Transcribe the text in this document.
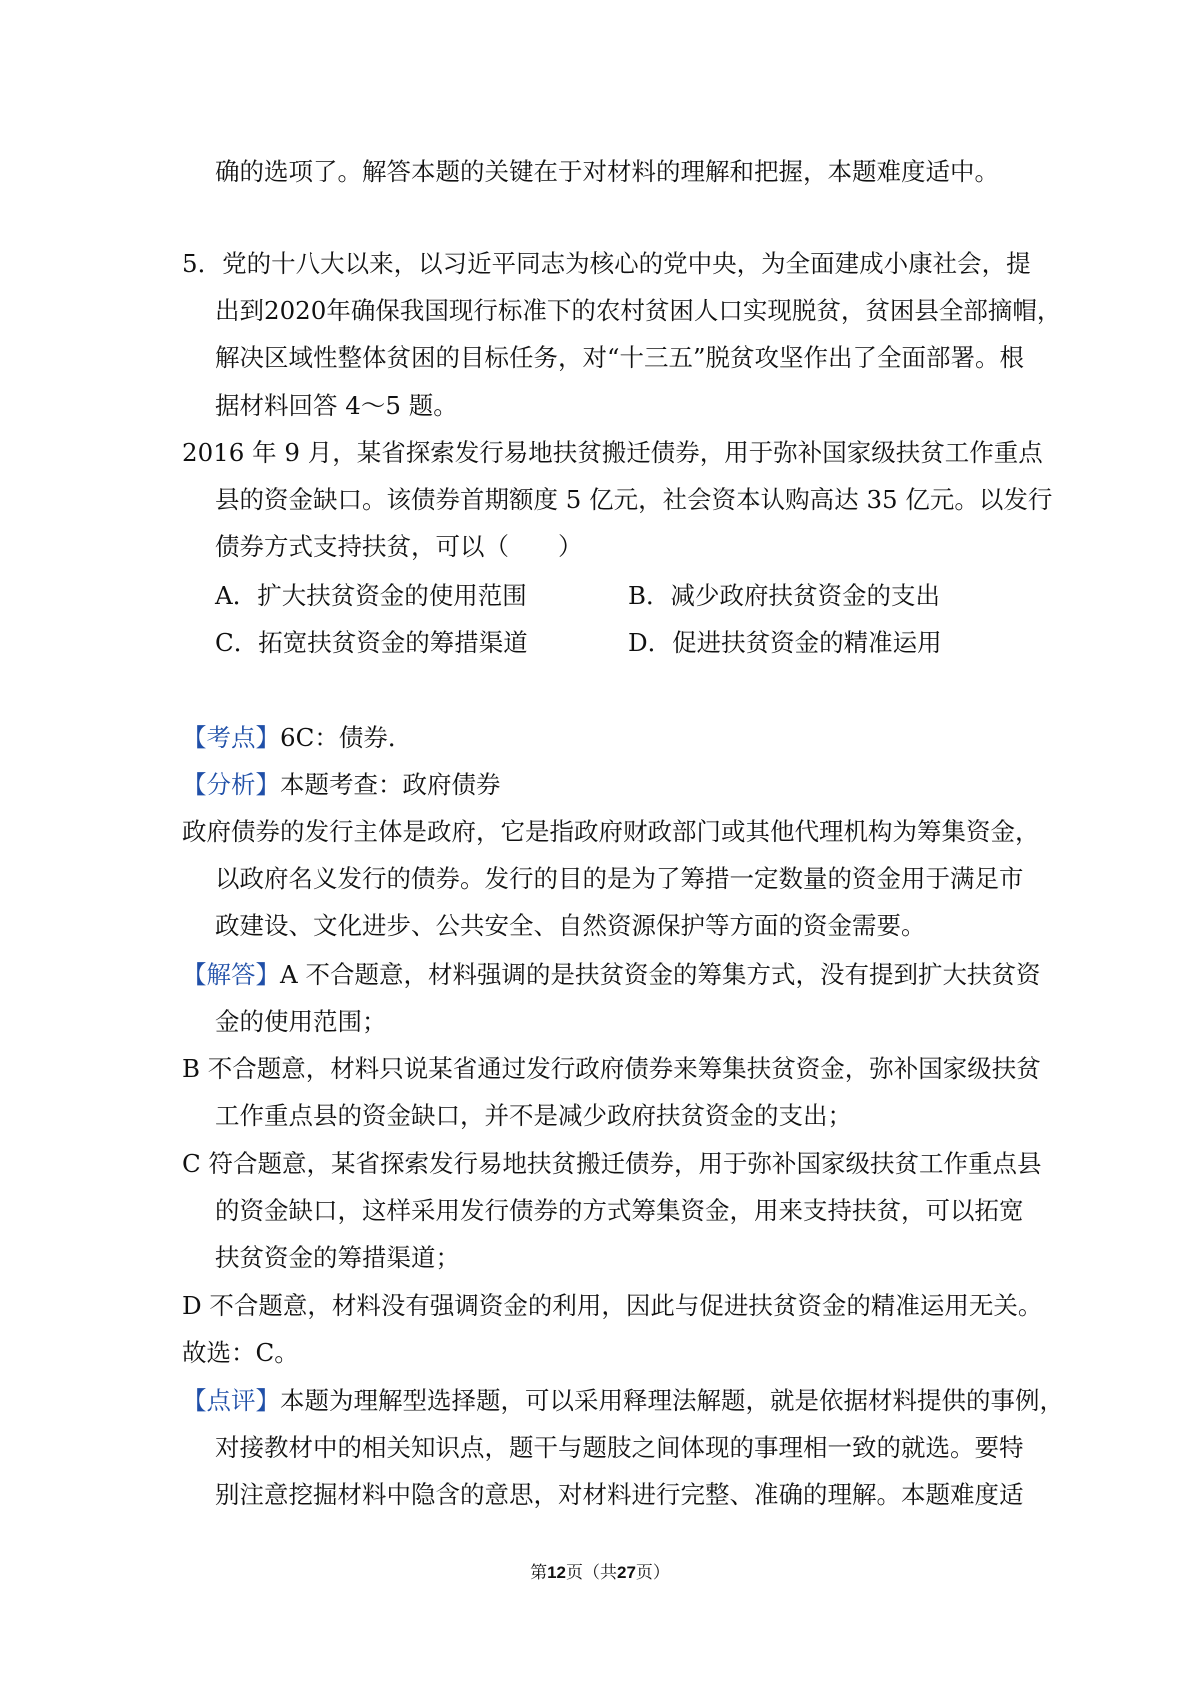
确的选项了。解答本题的关键在于对材料的理解和把握，本题难度适中。
5．党的十八大以来，以习近平同志为核心的党中央，为全面建成小康社会，提
出到2020年确保我国现行标准下的农村贫困人口实现脱贫，贫困县全部摘帽，
解决区域性整体贫困的目标任务，对“十三五”脱贫攻坚作出了全面部署。根
据材料回答 4～5 题。
2016 年 9 月，某省探索发行易地扶贫搬迁债券，用于弥补国家级扶贫工作重点
县的资金缺口。该债券首期额度 5 亿元，社会资本认购高达 35 亿元。以发行
债券方式支持扶贫，可以（　　）
A．扩大扶贫资金的使用范围	B．减少政府扶贫资金的支出
C．拓宽扶贫资金的筹措渠道	D．促进扶贫资金的精准运用
【考点】6C：债券．
【分析】本题考查：政府债券
政府债券的发行主体是政府，它是指政府财政部门或其他代理机构为筹集资金，
以政府名义发行的债券。发行的目的是为了筹措一定数量的资金用于满足市
政建设、文化进步、公共安全、自然资源保护等方面的资金需要。
【解答】A 不合题意，材料强调的是扶贫资金的筹集方式，没有提到扩大扶贫资
金的使用范围；
B 不合题意，材料只说某省通过发行政府债券来筹集扶贫资金，弥补国家级扶贫
工作重点县的资金缺口，并不是减少政府扶贫资金的支出；
C 符合题意，某省探索发行易地扶贫搬迁债券，用于弥补国家级扶贫工作重点县
的资金缺口，这样采用发行债券的方式筹集资金，用来支持扶贫，可以拓宽
扶贫资金的筹措渠道；
D 不合题意，材料没有强调资金的利用，因此与促进扶贫资金的精准运用无关。
故选：C。
【点评】本题为理解型选择题，可以采用释理法解题，就是依据材料提供的事例，
对接教材中的相关知识点，题干与题肢之间体现的事理相一致的就选。要特
别注意挖掘材料中隐含的意思，对材料进行完整、准确的理解。本题难度适
第12页（共27页）
